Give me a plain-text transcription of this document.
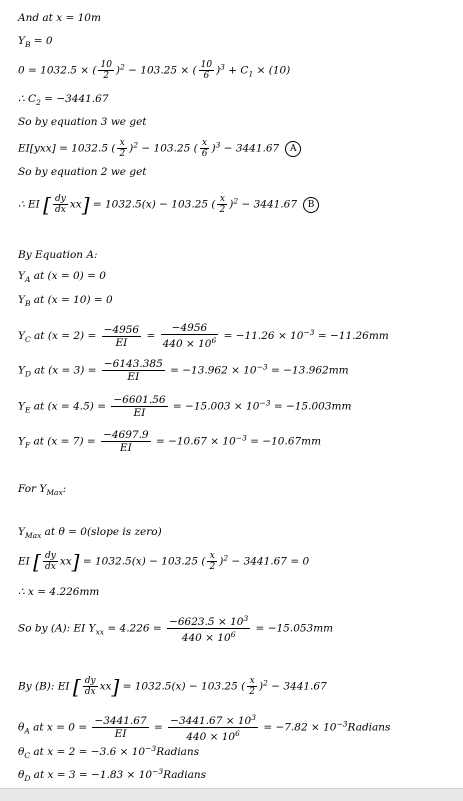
And at x = 10m
$Y_B = 0$
0 = 1032.5 × ( $\frac{10}{2} )^2 - 103.25$ × ( $\frac{10}{6} )^3 + C_1 \times (10)$
∴ $C_2 = -3441.67$
So by equation 3 we get
EI[yxx] = 1032.5 ( $\frac{x}{2} )^2 - 103.25$ ( $\frac{x}{6} )^3 - 3441.67$ A
So by equation 2 we get
∴ EI [ $\frac{dy}{dx} xx] = 1032.5(x) - 103.25$ ( $\frac{x}{2} )^2 - 3441.67$ B
By Equation A:
$Y_A$ at (x = 0) = 0
$Y_B$ at (x = 10) = 0
$Y_C$ at $(x = 2) = \frac{-4956}{EI} = \frac{-4956}{440 \times 10^6} = -11.26 \times 10^{-3} = -11.26mm$
$Y_D$ at $(x = 3) = \frac{-6143.385}{EI} = -13.962 \times 10^{-3} = -13.962mm$
$Y_E$ at $(x = 4.5) = \frac{-6601.56}{EI} = -15.003 \times 10^{-3} = -15.003mm$
$Y_F$ at $(x = 7) = \frac{-4697.9}{EI} = -10.67 \times 10^{-3} = -10.67mm$
For $Y_{Max}$:
$Y_{Max}$ at θ = 0(slope is zero)
EI [ $\frac{dy}{dx} xx] = 1032.5(x) - 103.25$ ( $\frac{x}{2} )^2 - 3441.67 = 0$
∴ x = 4.226mm
So by (A): EI $Y_{xx} = 4.226 = \frac{-6623.5 \times 10^3}{440 \times 10^6} = -15.053mm$
By (B): EI [ $\frac{dy}{dx} xx] = 1032.5(x) - 103.25$ ( $\frac{x}{2} )^2 - 3441.67$
$\theta_A$ at $x = 0 = \frac{-3441.67}{EI} = \frac{-3441.67 \times 10^3}{440 \times 10^6} = -7.82$ × $10^{-3}Radians$
$\theta_C$ at $x = 2 = -3.6 \times 10^{-3}Radians$
$\theta_D$ at $x = 3 = -1.83 \times 10^{-3}Radians$
